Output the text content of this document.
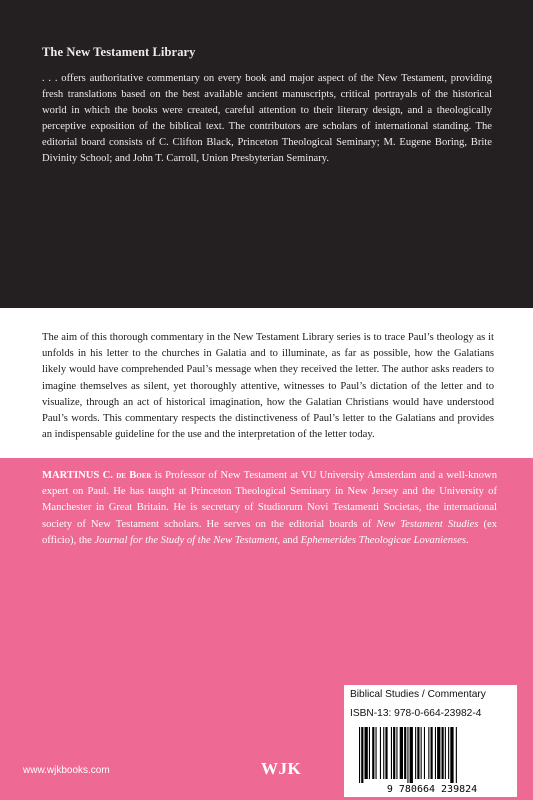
The New Testament Library
. . . offers authoritative commentary on every book and major aspect of the New Testament, providing fresh translations based on the best available ancient manuscripts, critical portrayals of the historical world in which the books were created, careful attention to their literary design, and a theologically perceptive exposition of the biblical text. The contributors are scholars of international standing. The editorial board consists of C. Clifton Black, Princeton Theological Seminary; M. Eugene Boring, Brite Divinity School; and John T. Carroll, Union Presbyterian Seminary.
The aim of this thorough commentary in the New Testament Library series is to trace Paul’s theology as it unfolds in his letter to the churches in Galatia and to illuminate, as far as possible, how the Galatians likely would have comprehended Paul’s message when they received the letter. The author asks readers to imagine themselves as silent, yet thoroughly attentive, witnesses to Paul’s dictation of the letter and to visualize, through an act of historical imagination, how the Galatian Christians would have understood Paul’s words. This commentary respects the distinctiveness of Paul’s letter to the Galatians and provides an indispensable guideline for the use and the interpretation of the letter today.
MARTINUS C. de Boer is Professor of New Testament at VU University Amsterdam and a well-known expert on Paul. He has taught at Princeton Theological Seminary in New Jersey and the University of Manchester in Great Britain. He is secretary of Studiorum Novi Testamenti Societas, the international society of New Testament scholars. He serves on the editorial boards of New Testament Studies (ex officio), the Journal for the Study of the New Testament, and Ephemerides Theologicae Lovanienses.
www.wjkbooks.com	WJK
Biblical Studies / Commentary
ISBN-13: 978-0-664-23982-4
9 780664 239824
